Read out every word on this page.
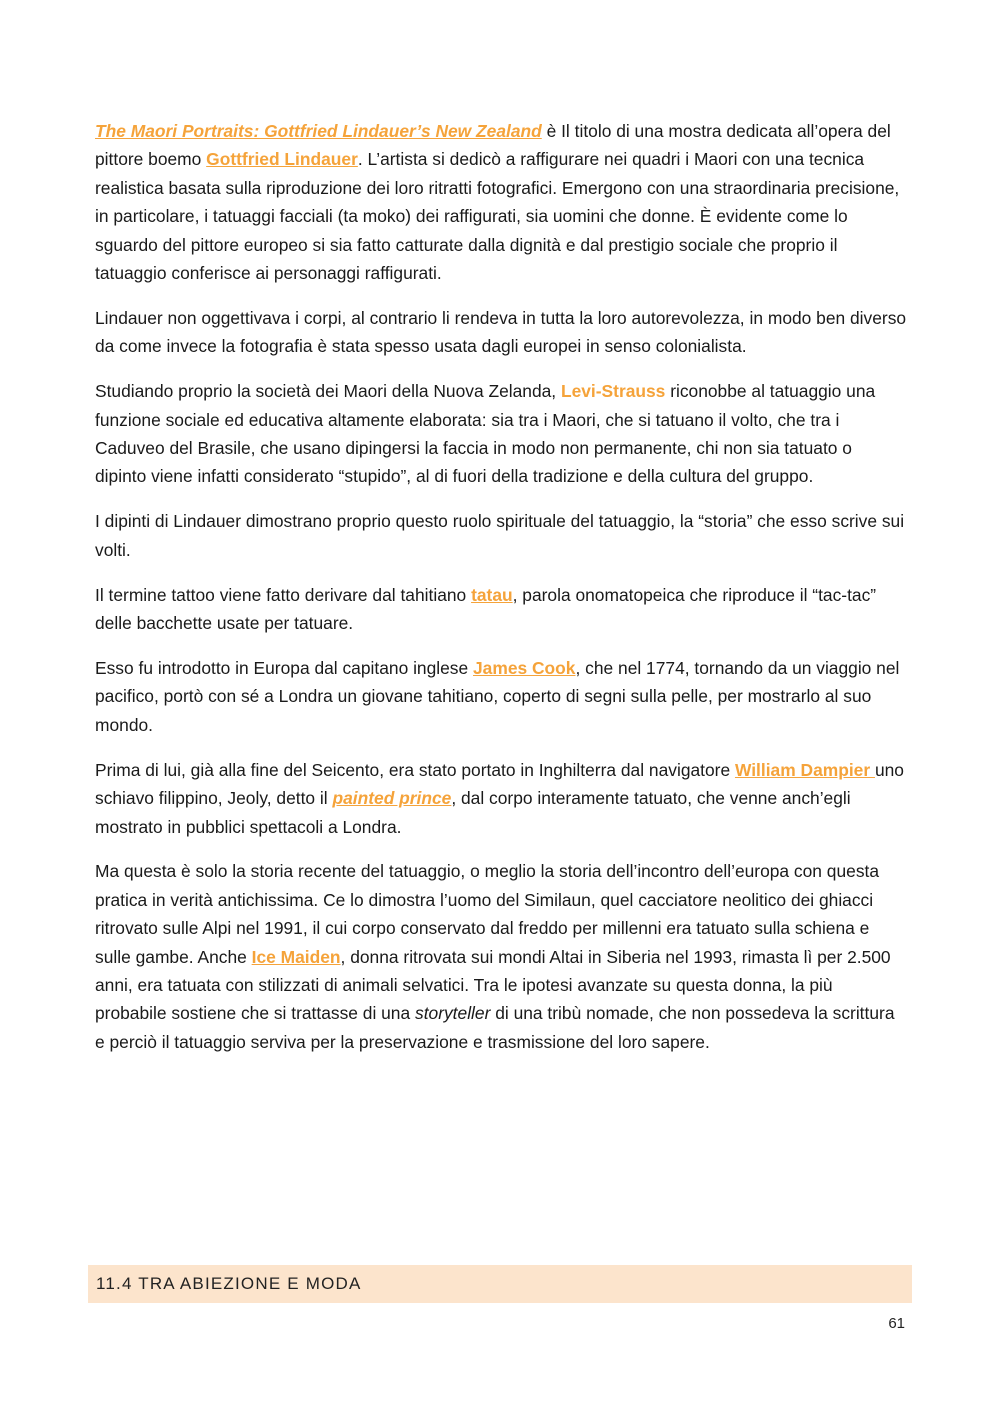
The Maori Portraits: Gottfried Lindauer’s New Zealand è Il titolo di una mostra dedicata all’opera del pittore boemo Gottfried Lindauer. L’artista si dedicò a raffigurare nei quadri i Maori con una tecnica realistica basata sulla riproduzione dei loro ritratti fotografici. Emergono con una straordinaria precisione, in particolare, i tatuaggi facciali (ta moko) dei raffigurati, sia uomini che donne. È evidente come lo sguardo del pittore europeo si sia fatto catturate dalla dignità e dal prestigio sociale che proprio il tatuaggio conferisce ai personaggi raffigurati.

Lindauer non oggettivava i corpi, al contrario li rendeva in tutta la loro autorevolezza, in modo ben diverso da come invece la fotografia è stata spesso usata dagli europei in senso colonialista.

Studiando proprio la società dei Maori della Nuova Zelanda, Levi-Strauss riconobbe al tatuaggio una funzione sociale ed educativa altamente elaborata: sia tra i Maori, che si tatuano il volto, che tra i Caduveo del Brasile, che usano dipingersi la faccia in modo non permanente, chi non sia tatuato o dipinto viene infatti considerato “stupido”, al di fuori della tradizione e della cultura del gruppo.

I dipinti di Lindauer dimostrano proprio questo ruolo spirituale del tatuaggio, la “storia” che esso scrive sui volti.

Il termine tattoo viene fatto derivare dal tahitiano tatau, parola onomatopeica che riproduce il “tac-tac” delle bacchette usate per tatuare.

Esso fu introdotto in Europa dal capitano inglese James Cook, che nel 1774, tornando da un viaggio nel pacifico, portò con sé a Londra un giovane tahitiano, coperto di segni sulla pelle, per mostrarlo al suo mondo.

Prima di lui, già alla fine del Seicento, era stato portato in Inghilterra dal navigatore William Dampier uno schiavo filippino, Jeoly, detto il painted prince, dal corpo interamente tatuato, che venne anch’egli mostrato in pubblici spettacoli a Londra.

Ma questa è solo la storia recente del tatuaggio, o meglio la storia dell’incontro dell’europa con questa pratica in verità antichissima. Ce lo dimostra l’uomo del Similaun, quel cacciatore neolitico dei ghiacci ritrovato sulle Alpi nel 1991, il cui corpo conservato dal freddo per millenni era tatuato sulla schiena e sulle gambe. Anche Ice Maiden, donna ritrovata sui mondi Altai in Siberia nel 1993, rimasta lì per 2.500 anni, era tatuata con stilizzati di animali selvatici. Tra le ipotesi avanzate su questa donna, la più probabile sostiene che si trattasse di una storyteller di una tribù nomade, che non possedeva la scrittura e perciò il tatuaggio serviva per la preservazione e trasmissione del loro sapere.

11.4 TRA ABIEZIONE E MODA
61
